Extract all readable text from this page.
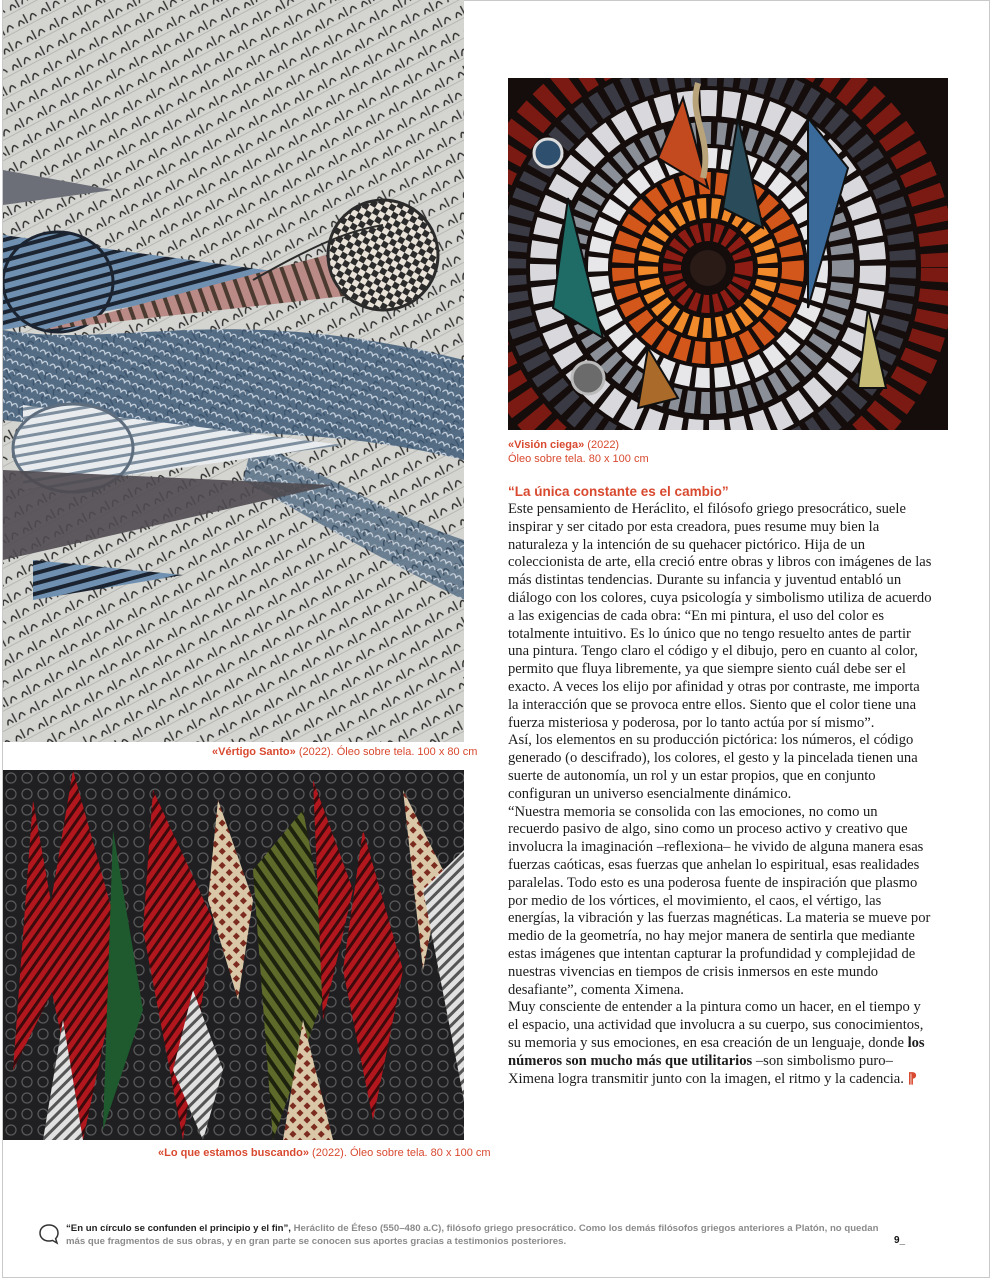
«Vértigo Santo» (2022). Óleo sobre tela. 100 x 80 cm
«Lo que estamos buscando» (2022). Óleo sobre tela. 80 x 100 cm
«Visión ciega» (2022)
Óleo sobre tela. 80 x 100 cm
“La única constante es el cambio”

Este pensamiento de Heráclito, el filósofo griego presocrático, suele inspirar y ser citado por esta creadora, pues resume muy bien la naturaleza y la intención de su quehacer pictórico. Hija de un coleccionista de arte, ella creció entre obras y libros con imágenes de las más distintas tendencias. Durante su infancia y juventud entabló un diálogo con los colores, cuya psicología y simbolismo utiliza de acuerdo a las exigencias de cada obra: “En mi pintura, el uso del color es totalmente intuitivo. Es lo único que no tengo resuelto antes de partir una pintura. Tengo claro el código y el dibujo, pero en cuanto al color, permito que fluya libremente, ya que siempre siento cuál debe ser el exacto. A veces los elijo por afinidad y otras por contraste, me importa la interacción que se provoca entre ellos. Siento que el color tiene una fuerza misteriosa y poderosa, por lo tanto actúa por sí mismo”.

Así, los elementos en su producción pictórica: los números, el código generado (o descifrado), los colores, el gesto y la pincelada tienen una suerte de autonomía, un rol y un estar propios, que en conjunto configuran un universo esencialmente dinámico.

“Nuestra memoria se consolida con las emociones, no como un recuerdo pasivo de algo, sino como un proceso activo y creativo que involucra la imaginación –reflexiona– he vivido de alguna manera esas fuerzas caóticas, esas fuerzas que anhelan lo espiritual, esas realidades paralelas. Todo esto es una poderosa fuente de inspiración que plasmo por medio de los vórtices, el movimiento, el caos, el vértigo, las energías, la vibración y las fuerzas magnéticas. La materia se mueve por medio de la geometría, no hay mejor manera de sentirla que mediante estas imágenes que intentan capturar la profundidad y complejidad de nuestras vivencias en tiempos de crisis inmersos en este mundo desafiante”, comenta Ximena.

Muy consciente de entender a la pintura como un hacer, en el tiempo y el espacio, una actividad que involucra a su cuerpo, sus conocimientos, su memoria y sus emociones, en esa creación de un lenguaje, donde los números son mucho más que utilitarios –son simbolismo puro– Ximena logra transmitir junto con la imagen, el ritmo y la cadencia. ⁋

“En un círculo se confunden el principio y el fin”, Heráclito de Éfeso (550–480 a.C), filósofo griego presocrático. Como los demás filósofos griegos anteriores a Platón, no quedan más que fragmentos de sus obras, y en gran parte se conocen sus aportes gracias a testimonios posteriores.	9_
